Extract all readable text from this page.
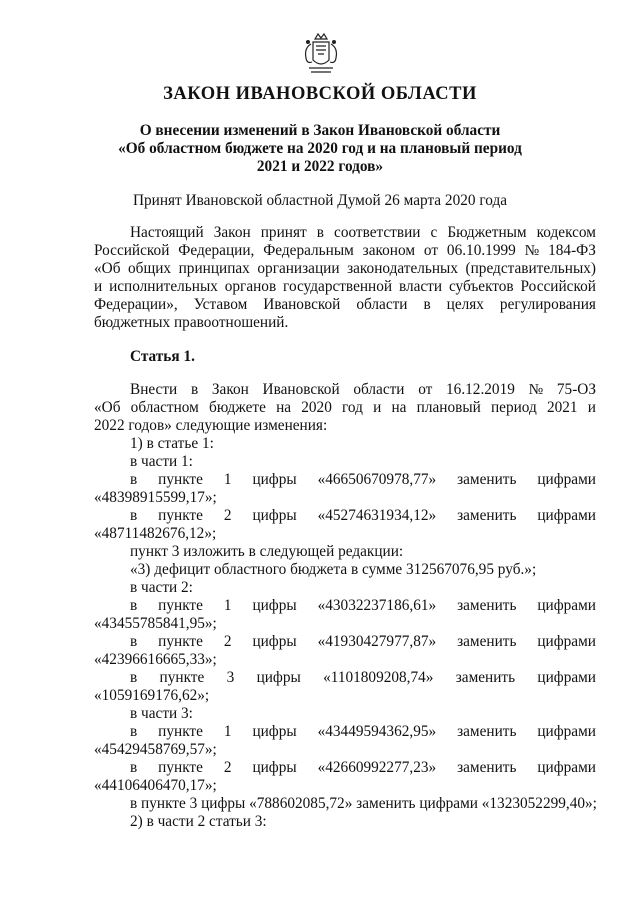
ЗАКОН ИВАНОВСКОЙ ОБЛАСТИ
О внесении изменений в Закон Ивановской области
«Об областном бюджете на 2020 год и на плановый период
2021 и 2022 годов»
Принят Ивановской областной Думой 26 марта 2020 года
Настоящий Закон принят в соответствии с Бюджетным кодексом
Российской Федерации, Федеральным законом от 06.10.1999 № 184-ФЗ
«Об общих принципах организации законодательных (представительных)
и исполнительных органов государственной власти субъектов Российской
Федерации», Уставом Ивановской области в целях регулирования
бюджетных правоотношений.
Статья 1.
Внести в Закон Ивановской области от 16.12.2019 № 75-ОЗ
«Об областном бюджете на 2020 год и на плановый период 2021 и
2022 годов» следующие изменения:
1) в статье 1:
в части 1:
в пункте 1 цифры «46650670978,77» заменить цифрами
«48398915599,17»;
в пункте 2 цифры «45274631934,12» заменить цифрами
«48711482676,12»;
пункт 3 изложить в следующей редакции:
«3) дефицит областного бюджета в сумме 312567076,95 руб.»;
в части 2:
в пункте 1 цифры «43032237186,61» заменить цифрами
«43455785841,95»;
в пункте 2 цифры «41930427977,87» заменить цифрами
«42396616665,33»;
в пункте 3 цифры «1101809208,74» заменить цифрами
«1059169176,62»;
в части 3:
в пункте 1 цифры «43449594362,95» заменить цифрами
«45429458769,57»;
в пункте 2 цифры «42660992277,23» заменить цифрами
«44106406470,17»;
в пункте 3 цифры «788602085,72» заменить цифрами «1323052299,40»;
2) в части 2 статьи 3:
